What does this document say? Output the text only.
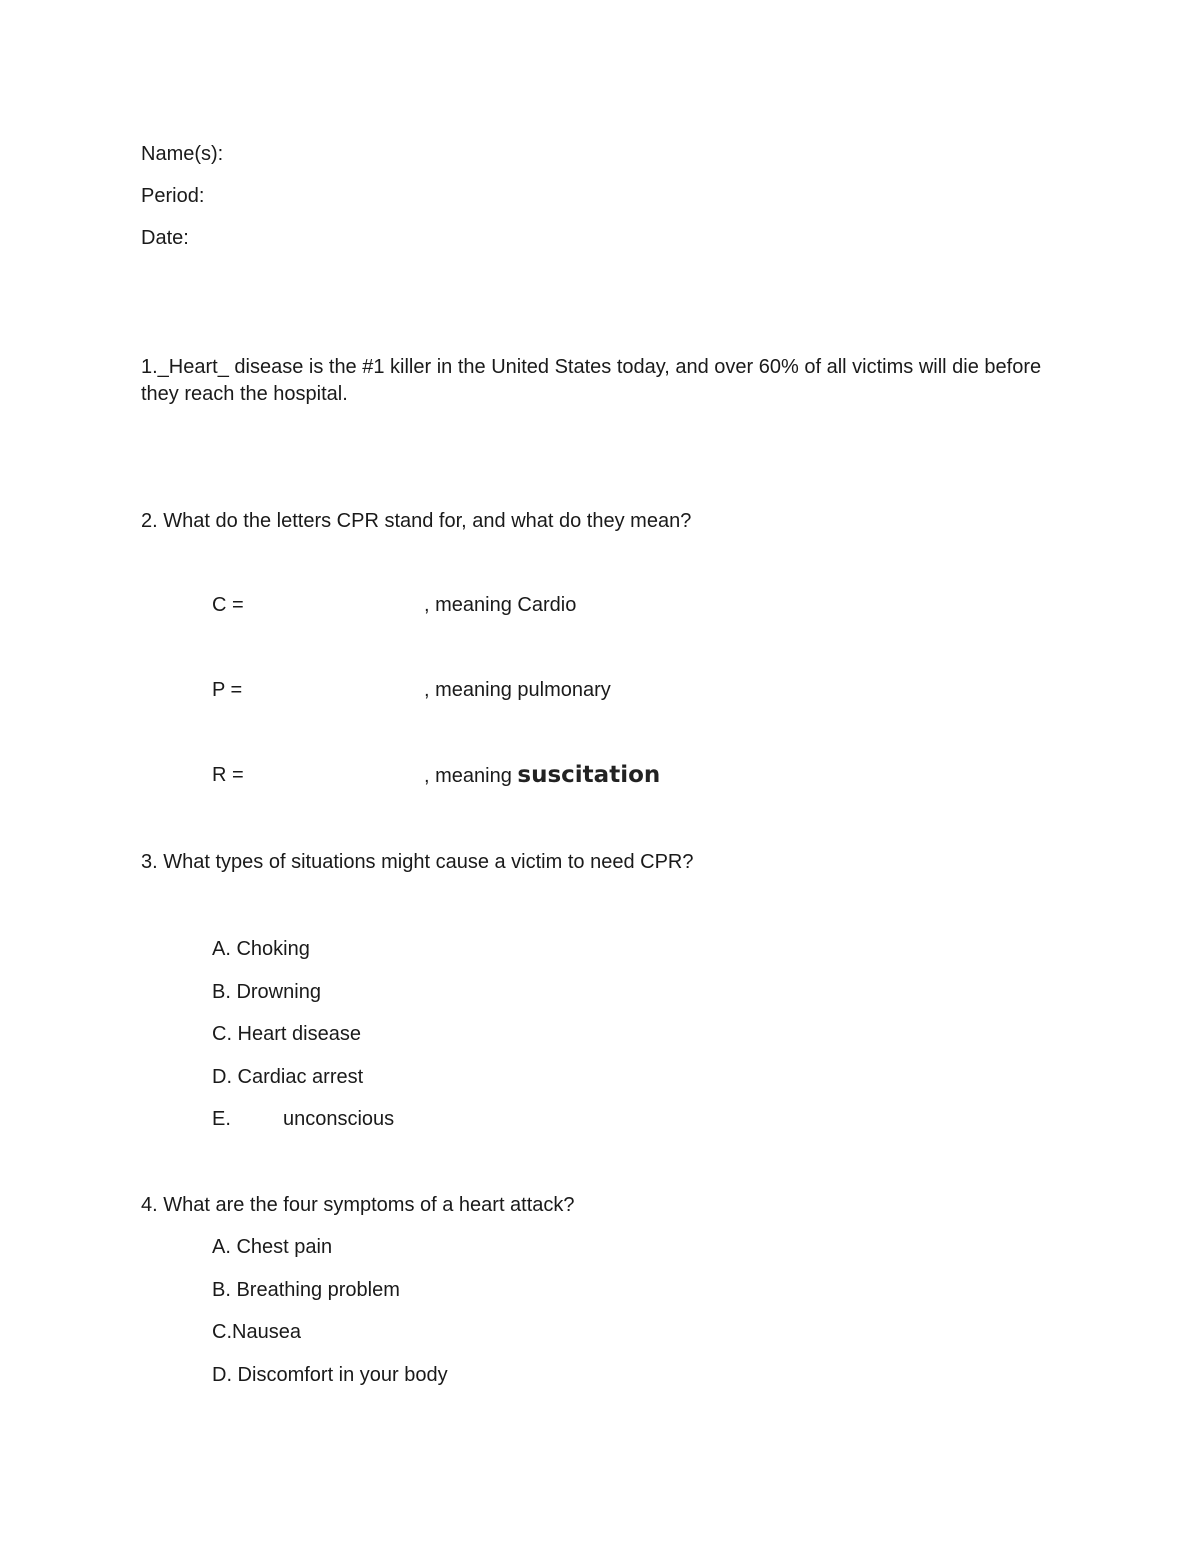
Name(s):
Period:
Date:
1._Heart_ disease is the #1 killer in the United States today, and over 60% of all victims will die before they reach the hospital.
2. What do the letters CPR stand for, and what do they mean?
C =	, meaning Cardio
P =	, meaning pulmonary
R =	, meaning suscitation
3. What types of situations might cause a victim to need CPR?
A. Choking
B. Drowning
C. Heart disease
D. Cardiac arrest
E.	unconscious
4. What are the four symptoms of a heart attack?
A. Chest pain
B. Breathing problem
C.Nausea
D. Discomfort in your body
